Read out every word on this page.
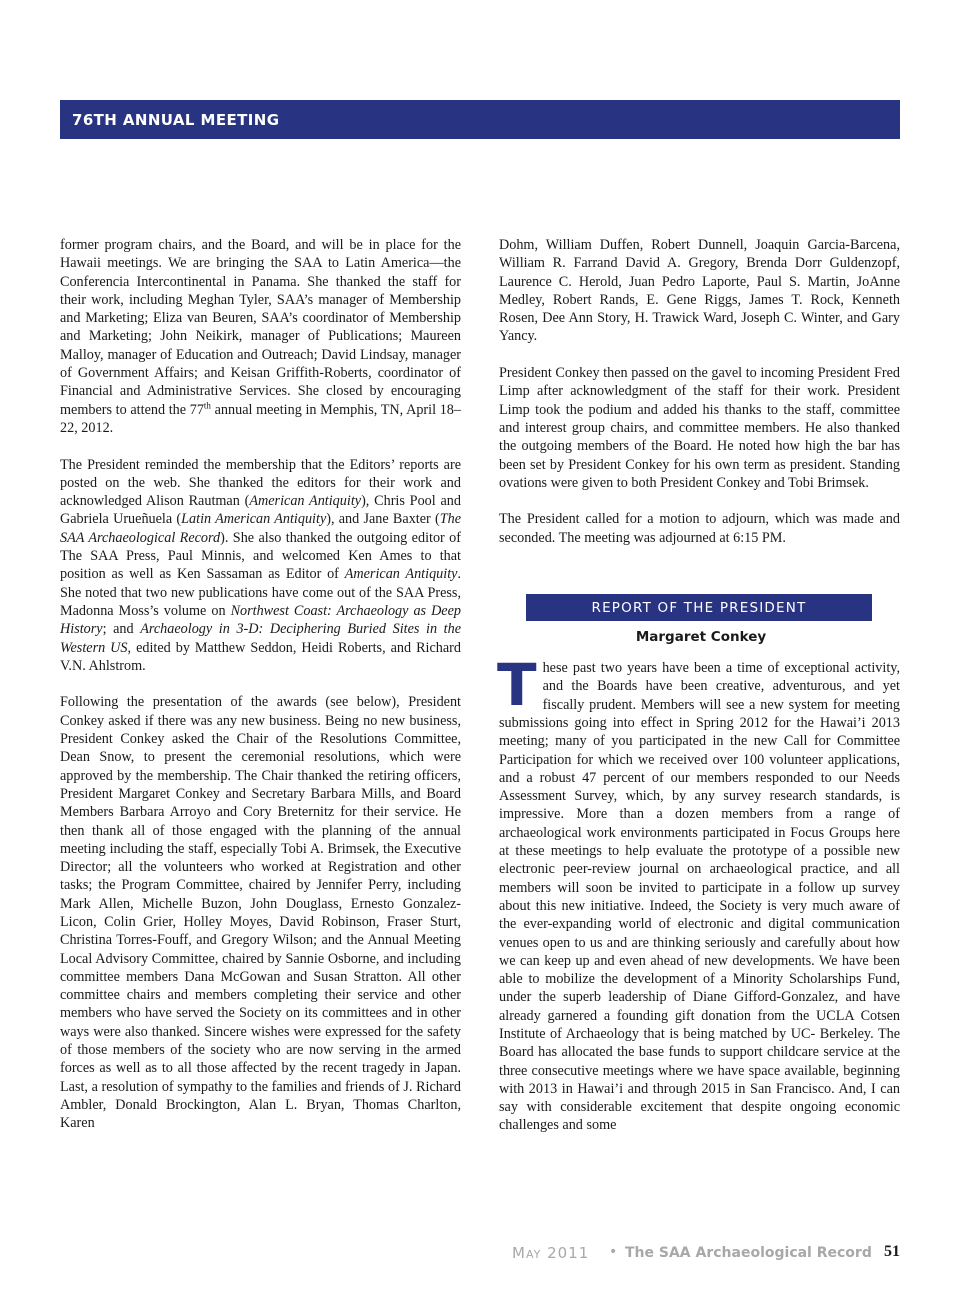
76TH ANNUAL MEETING

former program chairs, and the Board, and will be in place for the Hawaii meetings. We are bringing the SAA to Latin America—the Conferencia Intercontinental in Panama. She thanked the staff for their work, including Meghan Tyler, SAA’s manager of Membership and Marketing; Eliza van Beuren, SAA’s coordinator of Membership and Marketing; John Neikirk, manager of Publications; Maureen Malloy, manager of Education and Outreach; David Lindsay, manager of Government Affairs; and Keisan Griffith-Roberts, coordinator of Financial and Administrative Services. She closed by encouraging members to attend the 77th annual meeting in Memphis, TN, April 18–22, 2012.

The President reminded the membership that the Editors’ reports are posted on the web. She thanked the editors for their work and acknowledged Alison Rautman (American Antiquity), Chris Pool and Gabriela Urueñuela (Latin American Antiquity), and Jane Baxter (The SAA Archaeological Record). She also thanked the outgoing editor of The SAA Press, Paul Minnis, and welcomed Ken Ames to that position as well as Ken Sassaman as Editor of American Antiquity. She noted that two new publications have come out of the SAA Press, Madonna Moss’s volume on Northwest Coast: Archaeology as Deep History; and Archaeology in 3-D: Deciphering Buried Sites in the Western US, edited by Matthew Seddon, Heidi Roberts, and Richard V.N. Ahlstrom.

Following the presentation of the awards (see below), President Conkey asked if there was any new business. Being no new business, President Conkey asked the Chair of the Resolutions Committee, Dean Snow, to present the ceremonial resolutions, which were approved by the membership. The Chair thanked the retiring officers, President Margaret Conkey and Secretary Barbara Mills, and Board Members Barbara Arroyo and Cory Breternitz for their service. He then thank all of those engaged with the planning of the annual meeting including the staff, especially Tobi A. Brimsek, the Executive Director; all the volunteers who worked at Registration and other tasks; the Program Committee, chaired by Jennifer Perry, including Mark Allen, Michelle Buzon, John Douglass, Ernesto Gonzalez-Licon, Colin Grier, Holley Moyes, David Robinson, Fraser Sturt, Christina Torres-Fouff, and Gregory Wilson; and the Annual Meeting Local Advisory Committee, chaired by Sannie Osborne, and including committee members Dana McGowan and Susan Stratton. All other committee chairs and members completing their service and other members who have served the Society on its committees and in other ways were also thanked. Sincere wishes were expressed for the safety of those members of the society who are now serving in the armed forces as well as to all those affected by the recent tragedy in Japan. Last, a resolution of sympathy to the families and friends of J. Richard Ambler, Donald Brockington, Alan L. Bryan, Thomas Charlton, Karen

Dohm, William Duffen, Robert Dunnell, Joaquin Garcia-Barcena, William R. Farrand David A. Gregory, Brenda Dorr Guldenzopf, Laurence C. Herold, Juan Pedro Laporte, Paul S. Martin, JoAnne Medley, Robert Rands, E. Gene Riggs, James T. Rock, Kenneth Rosen, Dee Ann Story, H. Trawick Ward, Joseph C. Winter, and Gary Yancy.

President Conkey then passed on the gavel to incoming President Fred Limp after acknowledgment of the staff for their work. President Limp took the podium and added his thanks to the staff, committee and interest group chairs, and committee members. He also thanked the outgoing members of the Board. He noted how high the bar has been set by President Conkey for his own term as president. Standing ovations were given to both President Conkey and Tobi Brimsek.

The President called for a motion to adjourn, which was made and seconded. The meeting was adjourned at 6:15 PM.

REPORT OF THE PRESIDENT
Margaret Conkey

These past two years have been a time of exceptional activity, and the Boards have been creative, adventurous, and yet fiscally prudent. Members will see a new system for meeting submissions going into effect in Spring 2012 for the Hawai’i 2013 meeting; many of you participated in the new Call for Committee Participation for which we received over 100 volunteer applications, and a robust 47 percent of our members responded to our Needs Assessment Survey, which, by any survey research standards, is impressive. More than a dozen members from a range of archaeological work environments participated in Focus Groups here at these meetings to help evaluate the prototype of a possible new electronic peer-review journal on archaeological practice, and all members will soon be invited to participate in a follow up survey about this new initiative. Indeed, the Society is very much aware of the ever-expanding world of electronic and digital communication venues open to us and are thinking seriously and carefully about how we can keep up and even ahead of new developments. We have been able to mobilize the development of a Minority Scholarships Fund, under the superb leadership of Diane Gifford-Gonzalez, and have already garnered a founding gift donation from the UCLA Cotsen Institute of Archaeology that is being matched by UC- Berkeley. The Board has allocated the base funds to support childcare service at the three consecutive meetings where we have space available, beginning with 2013 in Hawai’i and through 2015 in San Francisco. And, I can say with considerable excitement that despite ongoing economic challenges and some

May 2011 • The SAA Archaeological Record 51
